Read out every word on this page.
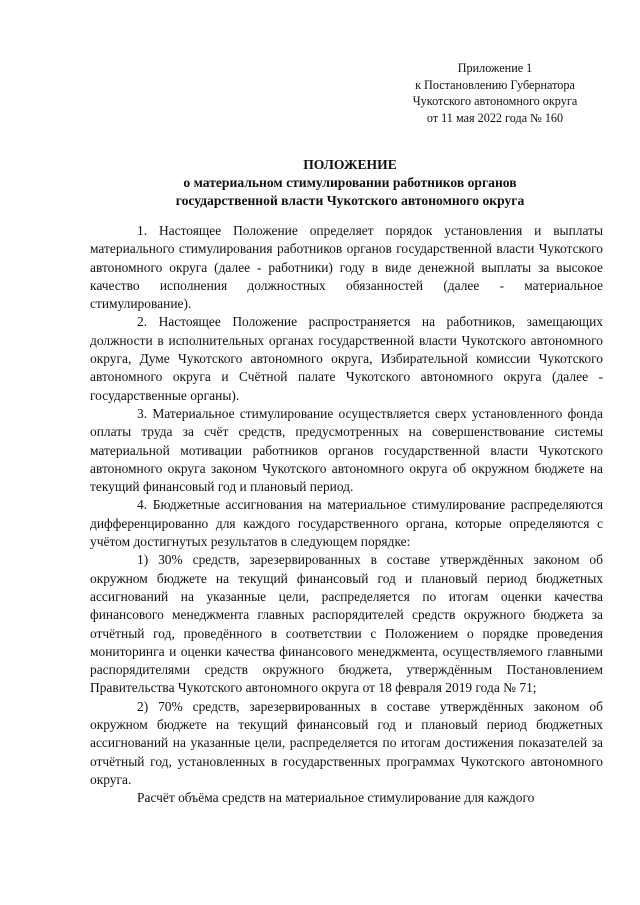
Приложение 1
к Постановлению Губернатора
Чукотского автономного округа
от 11 мая 2022 года № 160
ПОЛОЖЕНИЕ
о материальном стимулировании работников органов
государственной власти Чукотского автономного округа

1. Настоящее Положение определяет порядок установления и выплаты материального стимулирования работников органов государственной власти Чукотского автономного округа (далее - работники) году в виде денежной выплаты за высокое качество исполнения должностных обязанностей (далее - материальное стимулирование).

2. Настоящее Положение распространяется на работников, замещающих должности в исполнительных органах государственной власти Чукотского автономного округа, Думе Чукотского автономного округа, Избирательной комиссии Чукотского автономного округа и Счётной палате Чукотского автономного округа (далее - государственные органы).

3. Материальное стимулирование осуществляется сверх установленного фонда оплаты труда за счёт средств, предусмотренных на совершенствование системы материальной мотивации работников органов государственной власти Чукотского автономного округа законом Чукотского автономного округа об окружном бюджете на текущий финансовый год и плановый период.

4. Бюджетные ассигнования на материальное стимулирование распределяются дифференцированно для каждого государственного органа, которые определяются с учётом достигнутых результатов в следующем порядке:

1) 30% средств, зарезервированных в составе утверждённых законом об окружном бюджете на текущий финансовый год и плановый период бюджетных ассигнований на указанные цели, распределяется по итогам оценки качества финансового менеджмента главных распорядителей средств окружного бюджета за отчётный год, проведённого в соответствии с Положением о порядке проведения мониторинга и оценки качества финансового менеджмента, осуществляемого главными распорядителями средств окружного бюджета, утверждённым Постановлением Правительства Чукотского автономного округа от 18 февраля 2019 года № 71;

2) 70% средств, зарезервированных в составе утверждённых законом об окружном бюджете на текущий финансовый год и плановый период бюджетных ассигнований на указанные цели, распределяется по итогам достижения показателей за отчётный год, установленных в государственных программах Чукотского автономного округа.

Расчёт объёма средств на материальное стимулирование для каждого
